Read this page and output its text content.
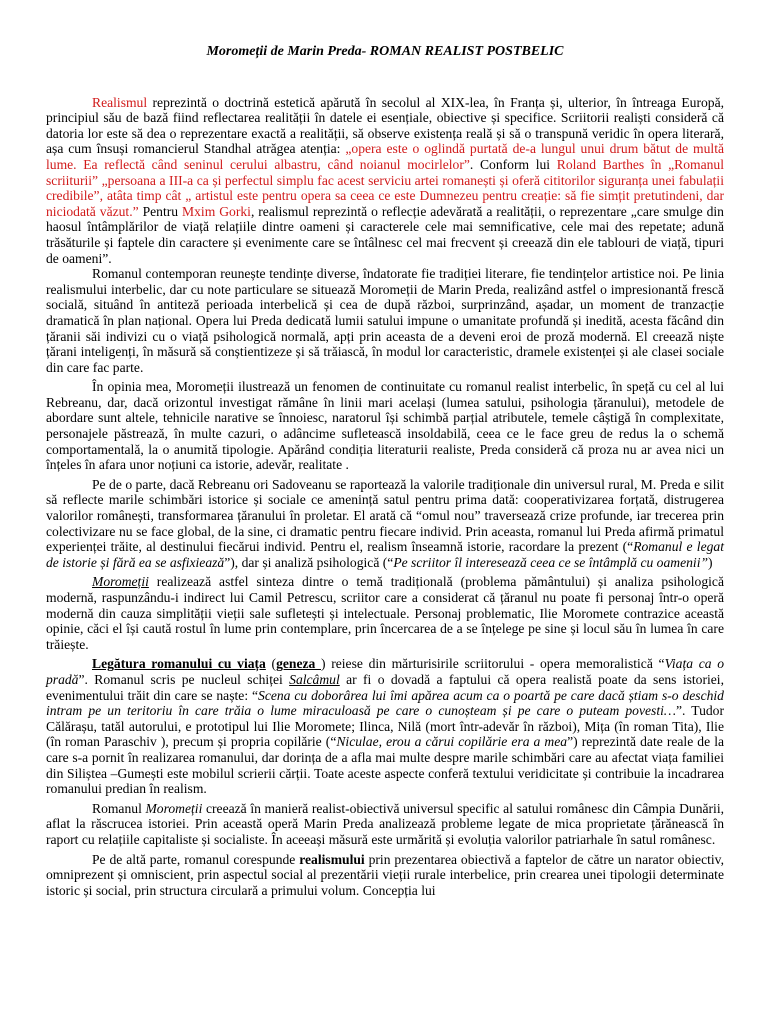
Moromeții de Marin Preda- ROMAN REALIST POSTBELIC

Realismul reprezintă o doctrină estetică apărută în secolul al XIX-lea, în Franța și, ulterior, în întreaga Europă, principiul său de bază fiind reflectarea realității în datele ei esențiale, obiective și specifice. Scriitorii realiști consideră că datoria lor este să dea o reprezentare exactă a realității, să observe existența reală și să o transpună veridic în opera literară, așa cum însuși romancierul Standhal atrăgea atenția: „opera este o oglindă purtată de-a lungul unui drum bătut de multă lume. Ea reflectă când seninul cerului albastru, când noianul mocirlelor”. Conform lui Roland Barthes în „Romanul scriiturii” „persoana a III-a ca și perfectul simplu fac acest serviciu artei romanești și oferă cititorilor siguranța unei fabulații credibile”, atâta timp cât „ artistul este pentru opera sa ceea ce este Dumnezeu pentru creație: să fie simțit pretutindeni, dar niciodată văzut.” Pentru Mxim Gorki, realismul reprezintă o reflecție adevărată a realității, o reprezentare „care smulge din haosul întâmplărilor de viață relațiile dintre oameni și caracterele cele mai semnificative, cele mai des repetate; adună trăsăturile și faptele din caractere și evenimente care se întâlnesc cel mai frecvent și creează din ele tablouri de viață, tipuri de oameni”.

Romanul contemporan reunește tendințe diverse, îndatorate fie tradiției literare, fie tendințelor artistice noi. Pe linia realismului interbelic, dar cu note particulare se situează Moromeții de Marin Preda, realizând astfel o impresionantă frescă socială, situând în antiteză perioada interbelică și cea de după război, surprinzând, așadar, un moment de tranzacție dramatică în plan național. Opera lui Preda dedicată lumii satului impune o umanitate profundă și inedită, acesta făcând din țăranii săi indivizi cu o viață psihologică normală, apți prin aceasta de a deveni eroi de proză modernă. El creează niște țărani inteligenți, în măsură să conștientizeze și să trăiască, în modul lor caracteristic, dramele existenței și ale clasei sociale din care fac parte.

În opinia mea, Moromeții ilustrează un fenomen de continuitate cu romanul realist interbelic, în speță cu cel al lui Rebreanu, dar, dacă orizontul investigat rămâne în linii mari același (lumea satului, psihologia țăranului), metodele de abordare sunt altele, tehnicile narative se înnoiesc, naratorul își schimbă parțial atributele, temele câștigă în complexitate, personajele păstrează, în multe cazuri, o adâncime sufletească insoldabilă, ceea ce le face greu de redus la o schemă comportamentală, la o anumită tipologie. Apărând condiția literaturii realiste, Preda consideră că proza nu ar avea nici un înțeles în afara unor noțiuni ca istorie, adevăr, realitate .

Pe de o parte, dacă Rebreanu ori Sadoveanu se raportează la valorile tradiționale din universul rural, M. Preda e silit să reflecte marile schimbări istorice și sociale ce amenință satul pentru prima dată: cooperativizarea forțată, distrugerea valorilor românești, transformarea țăranului în proletar. El arată că “omul nou” traversează crize profunde, iar trecerea prin colectivizare nu se face global, de la sine, ci dramatic pentru fiecare individ. Prin aceasta, romanul lui Preda afirmă primatul experienței trăite, al destinului fiecărui individ. Pentru el, realism înseamnă istorie, racordare la prezent (“Romanul e legat de istorie și fără ea se asfixiează”), dar și analiză psihologică (“Pe scriitor îl interesează ceea ce se întâmplă cu oamenii”)

Moromeții realizează astfel sinteza dintre o temă tradițională (problema pământului) și analiza psihologică modernă, raspunzându-i indirect lui Camil Petrescu, scriitor care a considerat că țăranul nu poate fi personaj într-o operă modernă din cauza simplității vieții sale sufletești și intelectuale. Personaj problematic, Ilie Moromete contrazice această opinie, căci el își caută rostul în lume prin contemplare, prin încercarea de a se înțelege pe sine și locul său în lumea în care trăiește.

Legătura romanului cu viața (geneza ) reiese din mărturisirile scriitorului - opera memoralistică “Viața ca o pradă”. Romanul scris pe nucleul schiței Salcâmul ar fi o dovadă a faptului că opera realistă poate da sens istoriei, evenimentului trăit din care se naște: “Scena cu doborârea lui îmi apărea acum ca o poartă pe care dacă știam s-o deschid intram pe un teritoriu în care trăia o lume miraculoasă pe care o cunoșteam și pe care o puteam povesti…”. Tudor Călărașu, tatăl autorului, e prototipul lui Ilie Moromete; Ilinca, Nilă (mort într-adevăr în război), Mița (în roman Tita), Ilie (în roman Paraschiv ), precum și propria copilărie (“Niculae, erou a cărui copilărie era a mea”) reprezintă date reale de la care s-a pornit în realizarea romanului, dar dorința de a afla mai multe despre marile schimbări care au afectat viața familiei din Siliștea –Gumești este mobilul scrierii cărții. Toate aceste aspecte conferă textului veridicitate și contribuie la incadrarea romanului predian în realism.

Romanul Moromeții creează în manieră realist-obiectivă universul specific al satului românesc din Câmpia Dunării, aflat la răscrucea istoriei. Prin această operă Marin Preda analizează probleme legate de mica proprietate țărănească în raport cu relațiile capitaliste și socialiste. În aceeași măsură este urmărită și evoluția valorilor patriarhale în satul românesc.

Pe de altă parte, romanul corespunde realismului prin prezentarea obiectivă a faptelor de către un narator obiectiv, omniprezent și omniscient, prin aspectul social al prezentării vieții rurale interbelice, prin crearea unei tipologii determinate istoric și social, prin structura circulară a primului volum. Concepția lui
